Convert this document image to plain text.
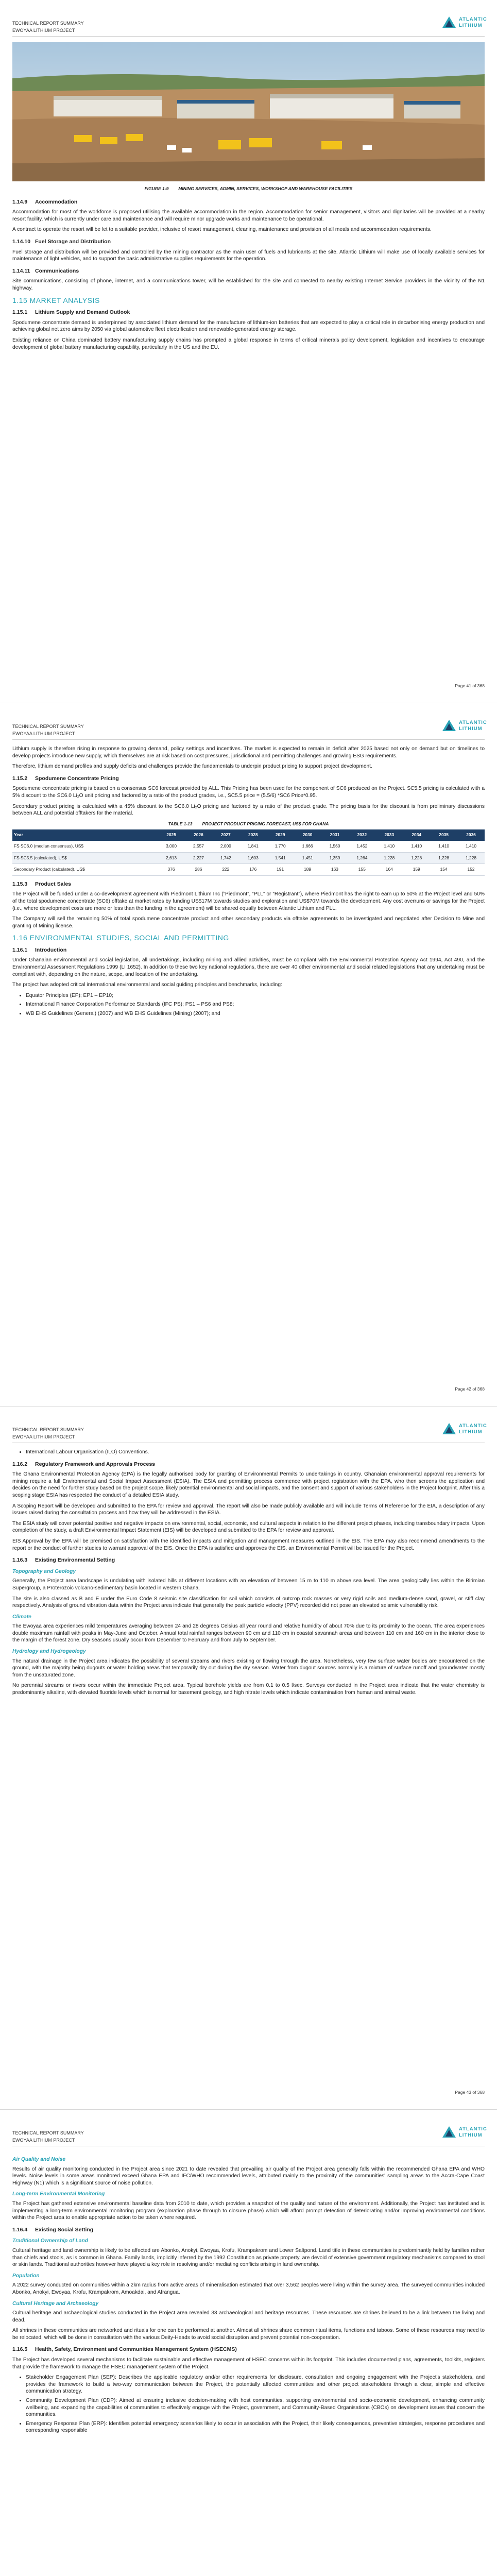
TECHNICAL REPORT SUMMARY
EWOYAA LITHIUM PROJECT
ATLANTIC
LITHIUM
FIGURE 1-9        MINING SERVICES, ADMIN, SERVICES, WORKSHOP AND WAREHOUSE FACILITIES
1.14.9 Accommodation

Accommodation for most of the workforce is proposed utilising the available accommodation in the region. Accommodation for senior management, visitors and dignitaries will be provided at a nearby resort facility, which is currently under care and maintenance and will require minor upgrade works and maintenance to be operational.

A contract to operate the resort will be let to a suitable provider, inclusive of resort management, cleaning, maintenance and provision of all meals and accommodation requirements.

1.14.10 Fuel Storage and Distribution

Fuel storage and distribution will be provided and controlled by the mining contractor as the main user of fuels and lubricants at the site. Atlantic Lithium will make use of locally available services for maintenance of light vehicles, and to support the basic administrative supplies requirements for the operation.

1.14.11 Communications

Site communications, consisting of phone, internet, and a communications tower, will be established for the site and connected to nearby existing Internet Service providers in the vicinity of the N1 highway.

1.15 MARKET ANALYSIS
1.15.1 Lithium Supply and Demand Outlook

Spodumene concentrate demand is underpinned by associated lithium demand for the manufacture of lithium-ion batteries that are expected to play a critical role in decarbonising energy production and achieving global net zero aims by 2050 via global automotive fleet electrification and renewable-generated energy storage.

Existing reliance on China dominated battery manufacturing supply chains has prompted a global response in terms of critical minerals policy development, legislation and incentives to encourage development of global battery manufacturing capability, particularly in the US and the EU.

Page 41 of 368
TECHNICAL REPORT SUMMARY
EWOYAA LITHIUM PROJECT
ATLANTIC
LITHIUM

Lithium supply is therefore rising in response to growing demand, policy settings and incentives. The market is expected to remain in deficit after 2025 based not only on demand but on timelines to develop projects introduce new supply, which themselves are at risk based on cost pressures, jurisdictional and permitting challenges and growing ESG requirements.

Therefore, lithium demand profiles and supply deficits and challenges provide the fundamentals to underpin product pricing to support project development.

1.15.2 Spodumene Concentrate Pricing

Spodumene concentrate pricing is based on a consensus SC6 forecast provided by ALL. This Pricing has been used for the component of SC6 produced on the Project. SC5.5 pricing is calculated with a 5% discount to the SC6.0 Li₂O unit pricing and factored by a ratio of the product grades, i.e., SC5.5 price = (5.5/6) *SC6 Price*0.95.

Secondary product pricing is calculated with a 45% discount to the SC6.0 Li₂O pricing and factored by a ratio of the product grade. The pricing basis for the discount is from preliminary discussions between ALL and potential offtakers for the material.

TABLE 1-13        PROJECT PRODUCT PRICING FORECAST, US$ FOR GHANA
Year	2025	2026	2027	2028	2029	2030	2031	2032	2033	2034	2035	2036
FS SC6.0 (median consensus), US$	3,000	2,557	2,000	1,841	1,770	1,666	1,560	1,452	1,410	1,410	1,410	1,410
FS SC5.5 (calculated), US$	2,613	2,227	1,742	1,603	1,541	1,451	1,359	1,264	1,228	1,228	1,228	1,228
Secondary Product (calculated), US$	376	286	222	176	191	189	163	155	164	159	154	152
1.15.3 Product Sales

The Project will be funded under a co-development agreement with Piedmont Lithium Inc (“Piedmont”, “PLL” or “Registrant”), where Piedmont has the right to earn up to 50% at the Project level and 50% of the total spodumene concentrate (SC6) offtake at market rates by funding US$17M towards studies and exploration and US$70M towards the development. Any cost overruns or savings for the Project (i.e., where development costs are more or less than the funding in the agreement) will be shared equally between Atlantic Lithium and PLL.

The Company will sell the remaining 50% of total spodumene concentrate product and other secondary products via offtake agreements to be investigated and negotiated after Decision to Mine and granting of Mining license.

1.16 ENVIRONMENTAL STUDIES, SOCIAL AND PERMITTING
1.16.1 Introduction

Under Ghanaian environmental and social legislation, all undertakings, including mining and allied activities, must be compliant with the Environmental Protection Agency Act 1994, Act 490, and the Environmental Assessment Regulations 1999 (LI 1652). In addition to these two key national regulations, there are over 40 other environmental and social related legislations that any undertaking must be compliant with, depending on the nature, scope, and location of the undertaking.

The project has adopted critical international environmental and social guiding principles and benchmarks, including:

• Equator Principles (EP); EP1 – EP10;
• International Finance Corporation Performance Standards (IFC PS); PS1 – PS6 and PS8;
• WB EHS Guidelines (General) (2007) and WB EHS Guidelines (Mining) (2007); and
Page 42 of 368
TECHNICAL REPORT SUMMARY
EWOYAA LITHIUM PROJECT
ATLANTIC
LITHIUM
• International Labour Organisation (ILO) Conventions.
1.16.2 Regulatory Framework and Approvals Process

The Ghana Environmental Protection Agency (EPA) is the legally authorised body for granting of Environmental Permits to undertakings in country. Ghanaian environmental approval requirements for mining require a full Environmental and Social Impact Assessment (ESIA). The ESIA and permitting process commence with project registration with the EPA, who then screens the application and decides on the need for further study based on the project scope, likely potential environmental and social impacts, and the consent and support of various stakeholders in the Project footprint. After this a scoping stage ESIA has respected the conduct of a detailed ESIA study.

A Scoping Report will be developed and submitted to the EPA for review and approval. The report will also be made publicly available and will include Terms of Reference for the EIA, a description of any issues raised during the consultation process and how they will be addressed in the ESIA.

The ESIA study will cover potential positive and negative impacts on environmental, social, economic, and cultural aspects in relation to the different project phases, including transboundary impacts. Upon completion of the study, a draft Environmental Impact Statement (EIS) will be developed and submitted to the EPA for review and approval.

EIS Approval by the EPA will be premised on satisfaction with the identified impacts and mitigation and management measures outlined in the EIS. The EPA may also recommend amendments to the report or the conduct of further studies to warrant approval of the EIS. Once the EPA is satisfied and approves the EIS, an Environmental Permit will be issued for the Project.

1.16.3 Existing Environmental Setting
Topography and Geology

Generally, the Project area landscape is undulating with isolated hills at different locations with an elevation of between 15 m to 110 m above sea level. The area geologically lies within the Birimian Supergroup, a Proterozoic volcano-sedimentary basin located in western Ghana.

The site is also classed as B and E under the Euro Code 8 seismic site classification for soil which consists of outcrop rock masses or very rigid soils and medium-dense sand, gravel, or stiff clay respectively. Analysis of ground vibration data within the Project area indicate that generally the peak particle velocity (PPV) recorded did not pose an elevated seismic vulnerability risk.

Climate

The Ewoyaa area experiences mild temperatures averaging between 24 and 28 degrees Celsius all year round and relative humidity of about 70% due to its proximity to the ocean. The area experiences double maximum rainfall with peaks in May-June and October. Annual total rainfall ranges between 90 cm and 110 cm in coastal savannah areas and between 110 cm and 160 cm in the interior close to the margin of the forest zone. Dry seasons usually occur from December to February and from July to September.

Hydrology and Hydrogeology

The natural drainage in the Project area indicates the possibility of several streams and rivers existing or flowing through the area. Nonetheless, very few surface water bodies are encountered on the ground, with the majority being dugouts or water holding areas that temporarily dry out during the dry season. Water from dugout sources normally is a mixture of surface runoff and groundwater mostly from the unsaturated zone.

No perennial streams or rivers occur within the immediate Project area. Typical borehole yields are from 0.1 to 0.5 l/sec. Surveys conducted in the Project area indicate that the water chemistry is predominantly alkaline, with elevated fluoride levels which is normal for basement geology, and high nitrate levels which indicate contamination from human and animal waste.

Page 43 of 368
TECHNICAL REPORT SUMMARY
EWOYAA LITHIUM PROJECT
ATLANTIC
LITHIUM
Air Quality and Noise

Results of air quality monitoring conducted in the Project area since 2021 to date revealed that prevailing air quality of the Project area generally falls within the recommended Ghana EPA and WHO levels. Noise levels in some areas monitored exceed Ghana EPA and IFC/WHO recommended levels, attributed mainly to the proximity of the communities' sampling areas to the Accra-Cape Coast Highway (N1) which is a significant source of noise pollution.

Long-term Environmental Monitoring

The Project has gathered extensive environmental baseline data from 2010 to date, which provides a snapshot of the quality and nature of the environment. Additionally, the Project has instituted and is implementing a long-term environmental monitoring program (exploration phase through to closure phase) which will afford prompt detection of deteriorating and/or improving environmental conditions within the Project area to enable appropriate action to be taken where required.

1.16.4 Existing Social Setting
Traditional Ownership of Land

Cultural heritage and land ownership is likely to be affected are Abonko, Anokyi, Ewoyaa, Krofu, Krampakrom and Lower Saltpond. Land title in these communities is predominantly held by families rather than chiefs and stools, as is common in Ghana. Family lands, implicitly inferred by the 1992 Constitution as private property, are devoid of extensive government regulatory mechanisms compared to stool or skin lands. Traditional authorities however have played a key role in resolving and/or mediating conflicts arising in land ownership.

Population

A 2022 survey conducted on communities within a 2km radius from active areas of mineralisation estimated that over 3,562 peoples were living within the survey area. The surveyed communities included Abonko, Anokyi, Ewoyaa, Krofu, Krampakrom, Amoakdai, and Afrangua.

Cultural Heritage and Archaeology

Cultural heritage and archaeological studies conducted in the Project area revealed 33 archaeological and heritage resources. These resources are shrines believed to be a link between the living and dead.

All shrines in these communities are networked and rituals for one can be performed at another. Almost all shrines share common ritual items, functions and taboos. Some of these resources may need to be relocated, which will be done in consultation with the various Deity-Heads to avoid social disruption and prevent potential non-cooperation.

1.16.5 Health, Safety, Environment and Communities Management System (HSECMS)

The Project has developed several mechanisms to facilitate sustainable and effective management of HSEC concerns within its footprint. This includes documented plans, agreements, toolkits, registers that provide the framework to manage the HSEC management system of the Project.

• Stakeholder Engagement Plan (SEP): Describes the applicable regulatory and/or other requirements for disclosure, consultation and ongoing engagement with the Project's stakeholders, and provides the framework to build a two-way communication between the Project, the potentially affected communities and other project stakeholders through a clear, simple and effective communication strategy.
• Community Development Plan (CDP): Aimed at ensuring inclusive decision-making with host communities, supporting environmental and socio-economic development, enhancing community wellbeing, and expanding the capabilities of communities to effectively engage with the Project, government, and Community-Based Organisations (CBOs) on development issues that concern the communities.
• Emergency Response Plan (ERP): Identifies potential emergency scenarios likely to occur in association with the Project, their likely consequences, preventive strategies, response procedures and corresponding responsible
